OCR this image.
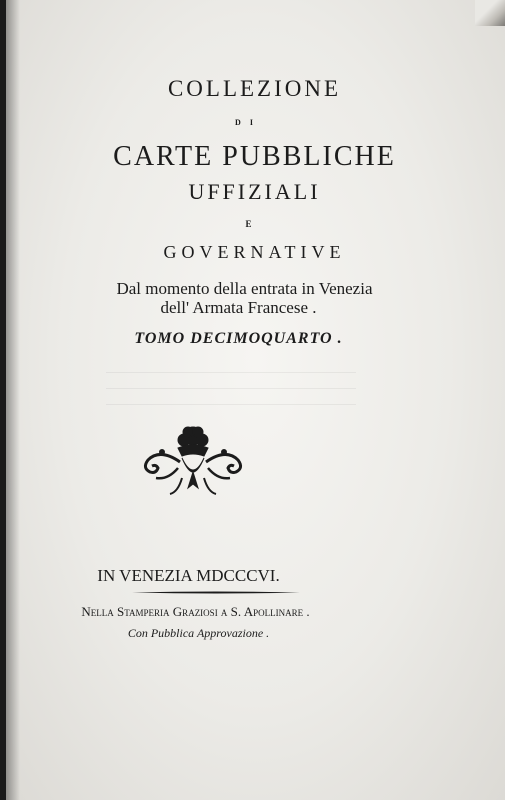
COLLEZIONE
DI
CARTE PUBBLICHE
UFFIZIALI
E
GOVERNATIVE
Dal momento della entrata in Venezia
dell' Armata Francese .
TOMO DECIMOQUARTO .
IN VENEZIA MDCCCVI.
Nella Stamperia Graziosi a S. Apollinare .
Con Pubblica Approvazione .
